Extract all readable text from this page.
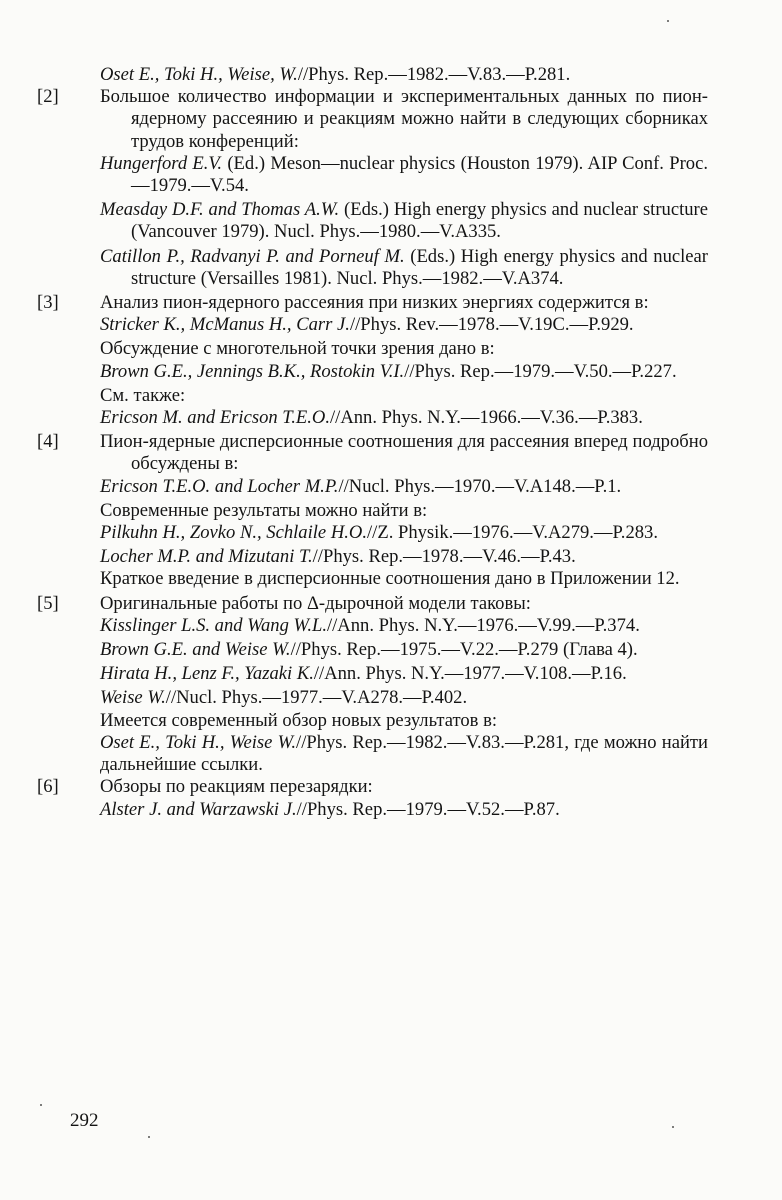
Oset E., Toki H., Weise, W.//Phys. Rep.—1982.—V.83.—P.281.

[2]	Большое количество информации и экспериментальных данных по пион-ядерному рассеянию и реакциям можно найти в следующих сборниках трудов конференций:

Hungerford E.V. (Ed.) Meson—nuclear physics (Houston 1979). AIP Conf. Proc.—1979.—V.54.

Measday D.F. and Thomas A.W. (Eds.) High energy physics and nuclear structure (Vancouver 1979). Nucl. Phys.—1980.—V.A335.

Catillon P., Radvanyi P. and Porneuf M. (Eds.) High energy physics and nuclear structure (Versailles 1981). Nucl. Phys.—1982.—V.A374.

[3]	Анализ пион-ядерного рассеяния при низких энергиях содержится в:

Stricker K., McManus H., Carr J.//Phys. Rev.—1978.—V.19C.—P.929.

Обсуждение с многотельной точки зрения дано в:

Brown G.E., Jennings B.K., Rostokin V.I.//Phys. Rep.—1979.—V.50.—P.227.

См. также:

Ericson M. and Ericson T.E.O.//Ann. Phys. N.Y.—1966.—V.36.—P.383.

[4]	Пион-ядерные дисперсионные соотношения для рассеяния вперед подробно обсуждены в:

Ericson T.E.O. and Locher M.P.//Nucl. Phys.—1970.—V.A148.—P.1.

Современные результаты можно найти в:

Pilkuhn H., Zovko N., Schlaile H.O.//Z. Physik.—1976.—V.A279.—P.283.

Locher M.P. and Mizutani T.//Phys. Rep.—1978.—V.46.—P.43.

Краткое введение в дисперсионные соотношения дано в Приложении 12.

[5]	Оригинальные работы по Δ-дырочной модели таковы:

Kisslinger L.S. and Wang W.L.//Ann. Phys. N.Y.—1976.—V.99.—P.374.

Brown G.E. and Weise W.//Phys. Rep.—1975.—V.22.—P.279 (Глава 4).

Hirata H., Lenz F., Yazaki K.//Ann. Phys. N.Y.—1977.—V.108.—P.16.

Weise W.//Nucl. Phys.—1977.—V.A278.—P.402.

Имеется современный обзор новых результатов в:

Oset E., Toki H., Weise W.//Phys. Rep.—1982.—V.83.—P.281, где можно найти дальнейшие ссылки.

[6]	Обзоры по реакциям перезарядки:

Alster J. and Warzawski J.//Phys. Rep.—1979.—V.52.—P.87.

292
